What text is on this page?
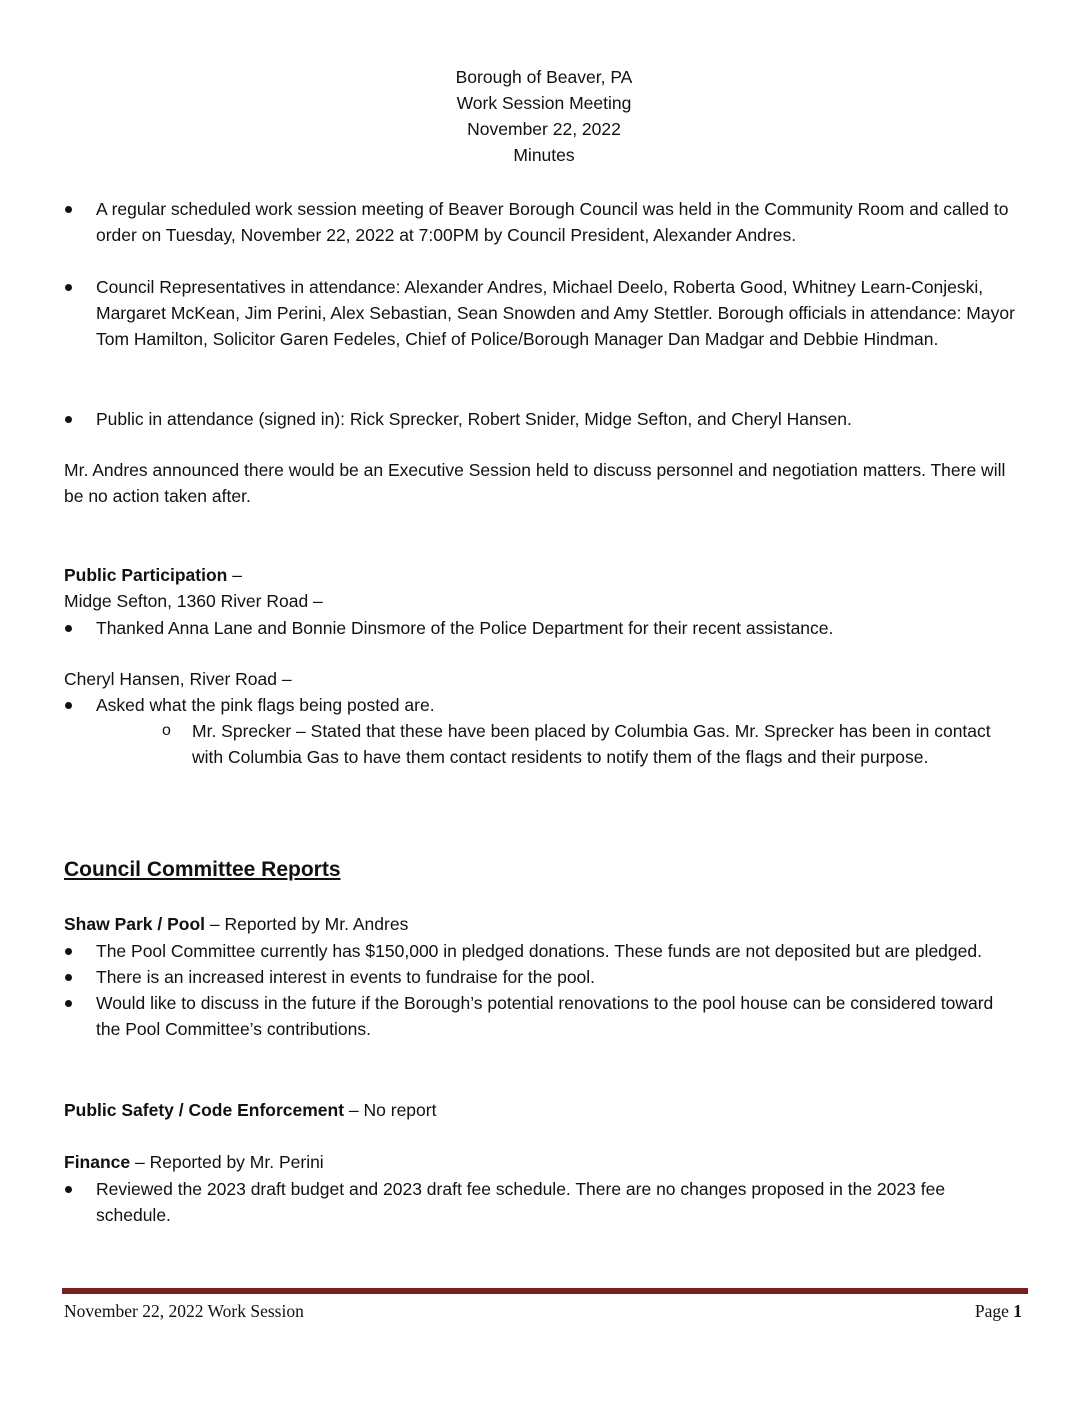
Borough of Beaver, PA
Work Session Meeting
November 22, 2022
Minutes
A regular scheduled work session meeting of Beaver Borough Council was held in the Community Room and called to order on Tuesday, November 22, 2022 at 7:00PM by Council President, Alexander Andres.
Council Representatives in attendance: Alexander Andres, Michael Deelo, Roberta Good, Whitney Learn-Conjeski, Margaret McKean, Jim Perini, Alex Sebastian, Sean Snowden and Amy Stettler. Borough officials in attendance: Mayor Tom Hamilton, Solicitor Garen Fedeles, Chief of Police/Borough Manager Dan Madgar and Debbie Hindman.
Public in attendance (signed in): Rick Sprecker, Robert Snider, Midge Sefton, and Cheryl Hansen.
Mr. Andres announced there would be an Executive Session held to discuss personnel and negotiation matters. There will be no action taken after.
Public Participation –
Midge Sefton, 1360 River Road –
Thanked Anna Lane and Bonnie Dinsmore of the Police Department for their recent assistance.
Cheryl Hansen, River Road –
Asked what the pink flags being posted are.
o Mr. Sprecker – Stated that these have been placed by Columbia Gas. Mr. Sprecker has been in contact with Columbia Gas to have them contact residents to notify them of the flags and their purpose.
Council Committee Reports
Shaw Park / Pool – Reported by Mr. Andres
The Pool Committee currently has $150,000 in pledged donations. These funds are not deposited but are pledged.
There is an increased interest in events to fundraise for the pool.
Would like to discuss in the future if the Borough’s potential renovations to the pool house can be considered toward the Pool Committee’s contributions.
Public Safety / Code Enforcement – No report
Finance – Reported by Mr. Perini
Reviewed the 2023 draft budget and 2023 draft fee schedule. There are no changes proposed in the 2023 fee schedule.
November 22, 2022 Work Session	Page 1
